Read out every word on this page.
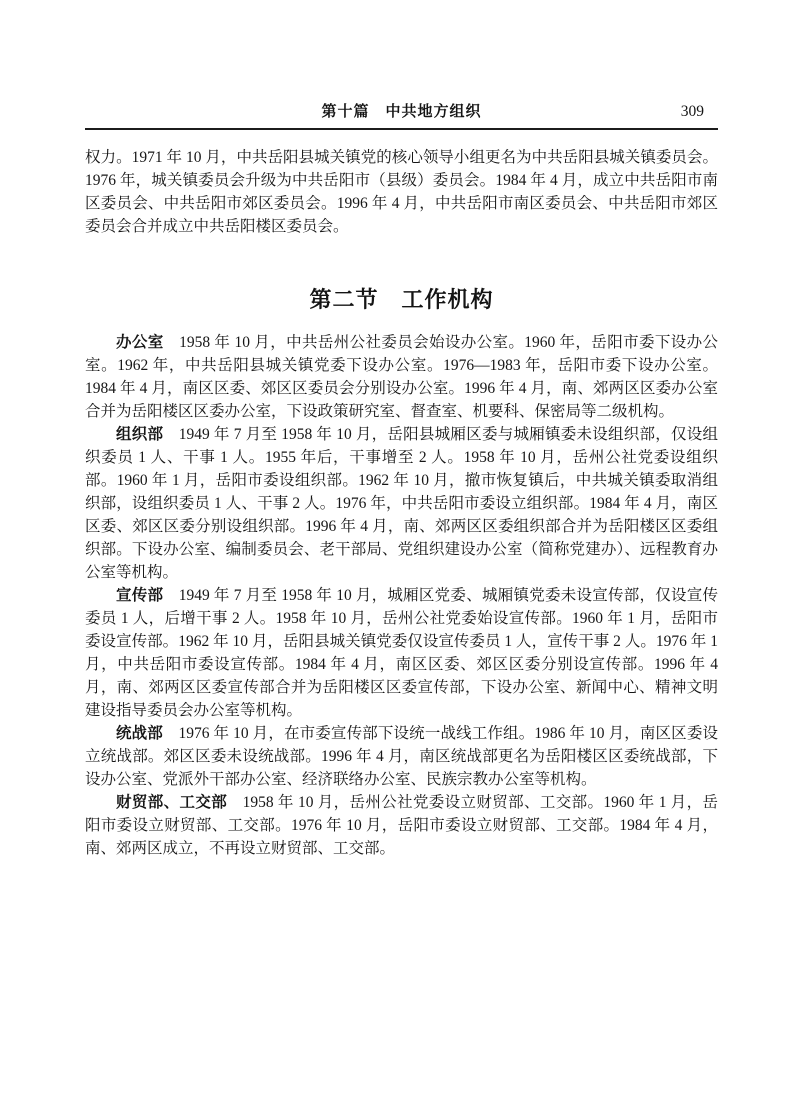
第十篇　中共地方组织	309

权力。1971 年 10 月，中共岳阳县城关镇党的核心领导小组更名为中共岳阳县城关镇委员会。1976 年，城关镇委员会升级为中共岳阳市（县级）委员会。1984 年 4 月，成立中共岳阳市南区委员会、中共岳阳市郊区委员会。1996 年 4 月，中共岳阳市南区委员会、中共岳阳市郊区委员会合并成立中共岳阳楼区委员会。

第二节　工作机构

办公室 1958 年 10 月，中共岳州公社委员会始设办公室。1960 年，岳阳市委下设办公室。1962 年，中共岳阳县城关镇党委下设办公室。1976—1983 年，岳阳市委下设办公室。1984 年 4 月，南区区委、郊区区委员会分别设办公室。1996 年 4 月，南、郊两区区委办公室合并为岳阳楼区区委办公室，下设政策研究室、督查室、机要科、保密局等二级机构。

组织部 1949 年 7 月至 1958 年 10 月，岳阳县城厢区委与城厢镇委未设组织部，仅设组织委员 1 人、干事 1 人。1955 年后，干事增至 2 人。1958 年 10 月，岳州公社党委设组织部。1960 年 1 月，岳阳市委设组织部。1962 年 10 月，撤市恢复镇后，中共城关镇委取消组织部，设组织委员 1 人、干事 2 人。1976 年，中共岳阳市委设立组织部。1984 年 4 月，南区区委、郊区区委分别设组织部。1996 年 4 月，南、郊两区区委组织部合并为岳阳楼区区委组织部。下设办公室、编制委员会、老干部局、党组织建设办公室（简称党建办）、远程教育办公室等机构。

宣传部 1949 年 7 月至 1958 年 10 月，城厢区党委、城厢镇党委未设宣传部，仅设宣传委员 1 人，后增干事 2 人。1958 年 10 月，岳州公社党委始设宣传部。1960 年 1 月，岳阳市委设宣传部。1962 年 10 月，岳阳县城关镇党委仅设宣传委员 1 人，宣传干事 2 人。1976 年 1 月，中共岳阳市委设宣传部。1984 年 4 月，南区区委、郊区区委分别设宣传部。1996 年 4 月，南、郊两区区委宣传部合并为岳阳楼区区委宣传部，下设办公室、新闻中心、精神文明建设指导委员会办公室等机构。

统战部 1976 年 10 月，在市委宣传部下设统一战线工作组。1986 年 10 月，南区区委设立统战部。郊区区委未设统战部。1996 年 4 月，南区统战部更名为岳阳楼区区委统战部，下设办公室、党派外干部办公室、经济联络办公室、民族宗教办公室等机构。

财贸部、工交部 1958 年 10 月，岳州公社党委设立财贸部、工交部。1960 年 1 月，岳阳市委设立财贸部、工交部。1976 年 10 月，岳阳市委设立财贸部、工交部。1984 年 4 月，南、郊两区成立，不再设立财贸部、工交部。
